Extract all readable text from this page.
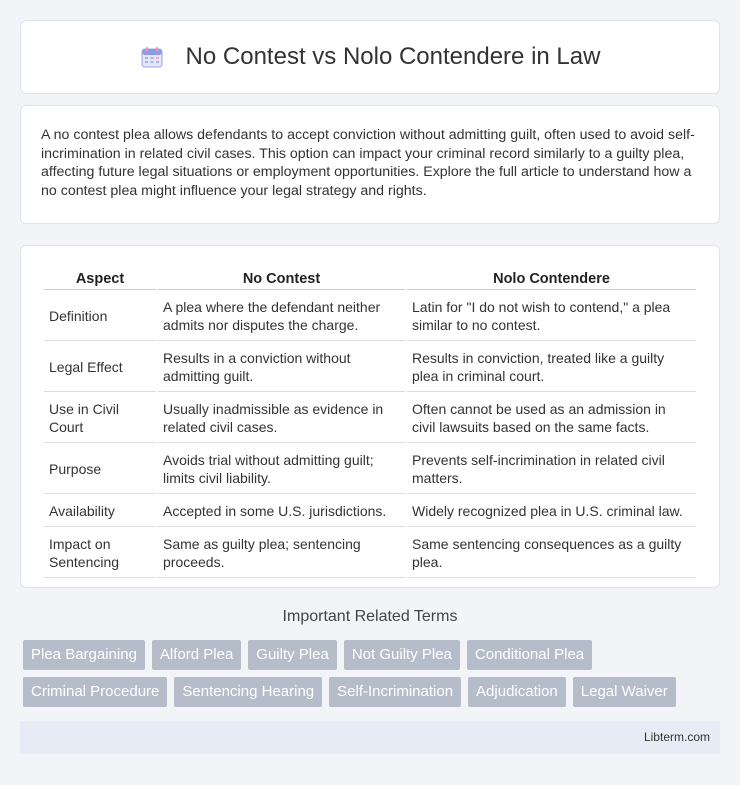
No Contest vs Nolo Contendere in Law

A no contest plea allows defendants to accept conviction without admitting guilt, often used to avoid self-incrimination in related civil cases. This option can impact your criminal record similarly to a guilty plea, affecting future legal situations or employment opportunities. Explore the full article to understand how a no contest plea might influence your legal strategy and rights.

Aspect	No Contest	Nolo Contendere
Definition	A plea where the defendant neither admits nor disputes the charge.	Latin for "I do not wish to contend," a plea similar to no contest.
Legal Effect	Results in a conviction without admitting guilt.	Results in conviction, treated like a guilty plea in criminal court.
Use in Civil Court	Usually inadmissible as evidence in related civil cases.	Often cannot be used as an admission in civil lawsuits based on the same facts.
Purpose	Avoids trial without admitting guilt; limits civil liability.	Prevents self-incrimination in related civil matters.
Availability	Accepted in some U.S. jurisdictions.	Widely recognized plea in U.S. criminal law.
Impact on Sentencing	Same as guilty plea; sentencing proceeds.	Same sentencing consequences as a guilty plea.
Important Related Terms
Plea Bargaining Alford Plea Guilty Plea Not Guilty Plea Conditional Plea
Criminal Procedure Sentencing Hearing Self-Incrimination Adjudication Legal Waiver
Libterm.com
